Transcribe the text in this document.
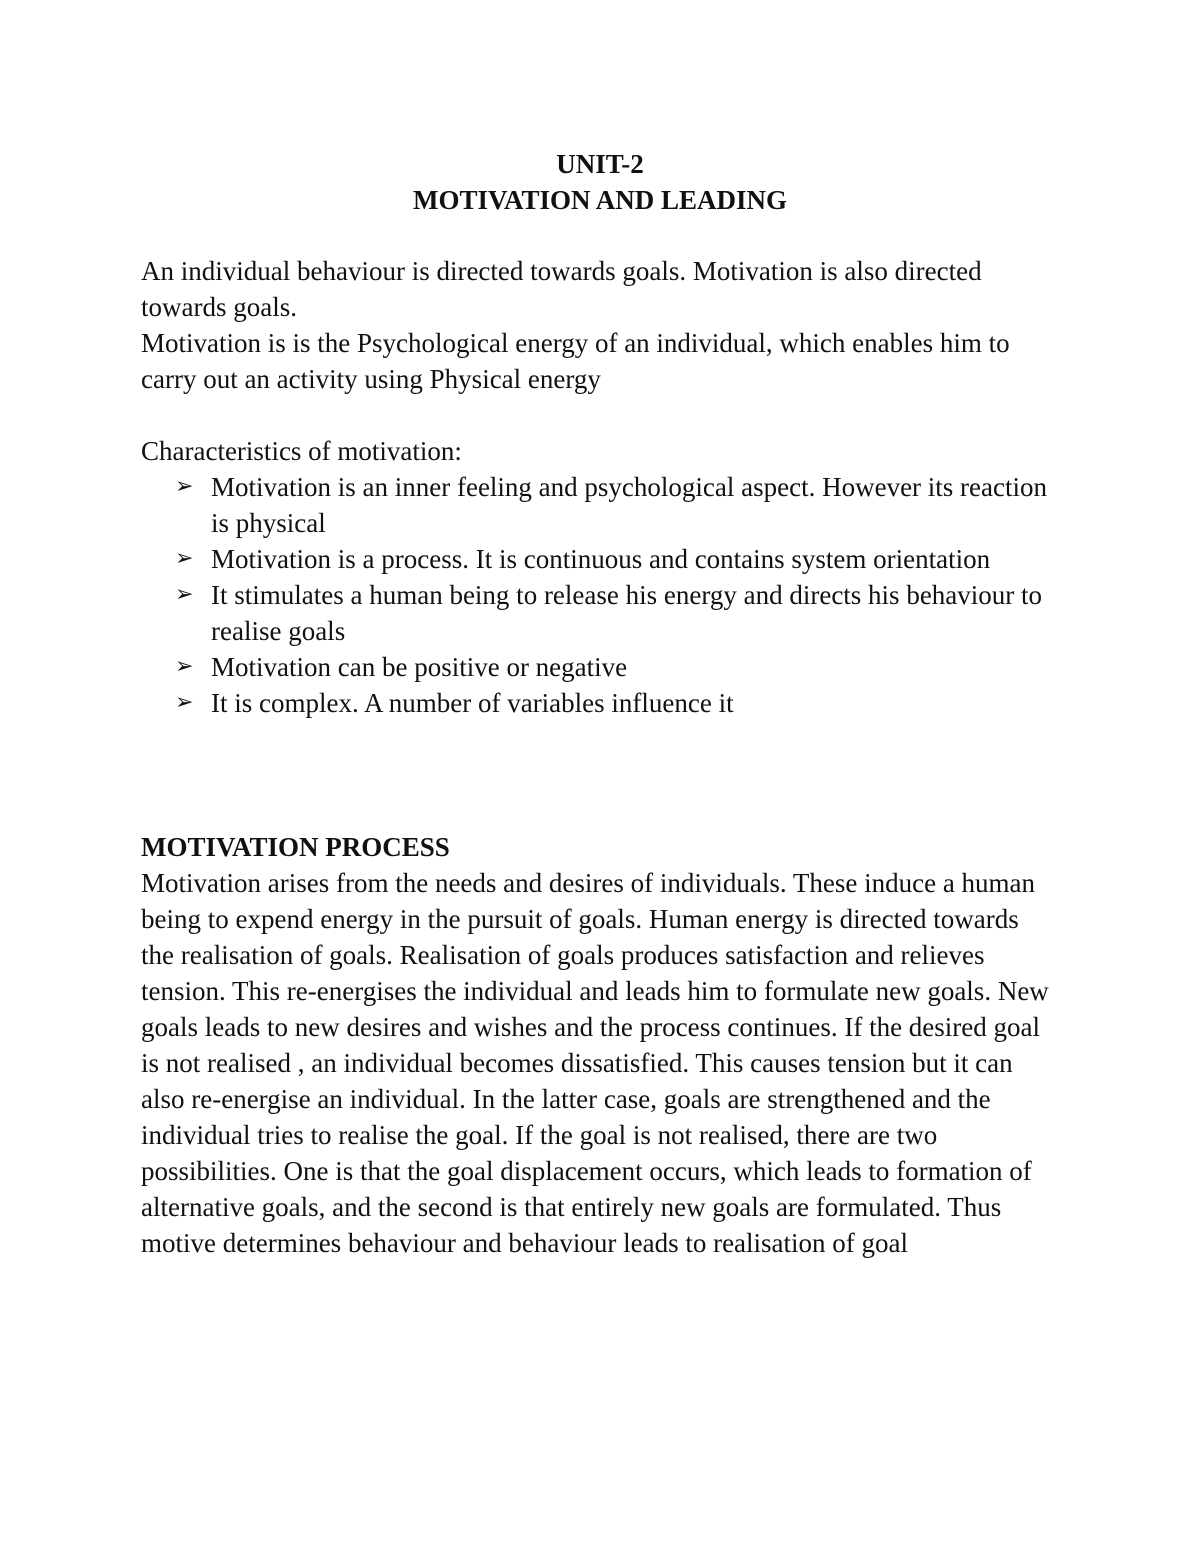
UNIT-2
MOTIVATION AND LEADING

An individual behaviour is directed towards goals. Motivation is also directed towards goals.

Motivation is is the Psychological energy of an individual, which enables him to carry out an activity using Physical energy

Characteristics of motivation:
➢ Motivation is an inner feeling and psychological aspect. However its reaction is physical
➢ Motivation is a process. It is continuous and contains system orientation
➢ It stimulates a human being to release his energy and directs his behaviour to realise goals
➢ Motivation can be positive or negative
➢ It is complex. A number of variables influence it
MOTIVATION PROCESS

Motivation arises from the needs and desires of individuals. These induce a human being to expend energy in the pursuit of goals. Human energy is directed towards the realisation of goals. Realisation of goals produces satisfaction and relieves tension. This re-energises the individual and leads him to formulate new goals. New goals leads to new desires and wishes and the process continues. If the desired goal is not realised , an individual becomes dissatisfied. This causes tension but it can also re-energise an individual. In the latter case, goals are strengthened and the individual tries to realise the goal. If the goal is not realised, there are two possibilities. One is that the goal displacement occurs, which leads to formation of alternative goals, and the second is that entirely new goals are formulated. Thus motive determines behaviour and behaviour leads to realisation of goal
